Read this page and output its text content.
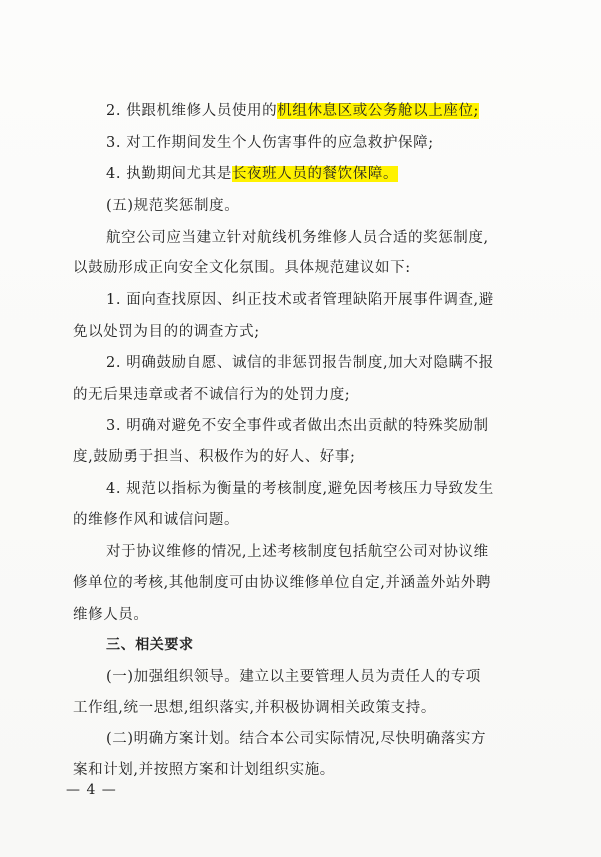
2. 供跟机维修人员使用的机组休息区或公务舱以上座位;
3. 对工作期间发生个人伤害事件的应急救护保障;
4. 执勤期间尤其是长夜班人员的餐饮保障。
(五)规范奖惩制度。
航空公司应当建立针对航线机务维修人员合适的奖惩制度,
以鼓励形成正向安全文化氛围。具体规范建议如下:
1. 面向查找原因、纠正技术或者管理缺陷开展事件调查,避
免以处罚为目的的调查方式;
2. 明确鼓励自愿、诚信的非惩罚报告制度,加大对隐瞒不报
的无后果违章或者不诚信行为的处罚力度;
3. 明确对避免不安全事件或者做出杰出贡献的特殊奖励制
度,鼓励勇于担当、积极作为的好人、好事;
4. 规范以指标为衡量的考核制度,避免因考核压力导致发生
的维修作风和诚信问题。
对于协议维修的情况,上述考核制度包括航空公司对协议维
修单位的考核,其他制度可由协议维修单位自定,并涵盖外站外聘
维修人员。
三、相关要求
(一)加强组织领导。建立以主要管理人员为责任人的专项
工作组,统一思想,组织落实,并积极协调相关政策支持。
(二)明确方案计划。结合本公司实际情况,尽快明确落实方
案和计划,并按照方案和计划组织实施。
— 4 —
